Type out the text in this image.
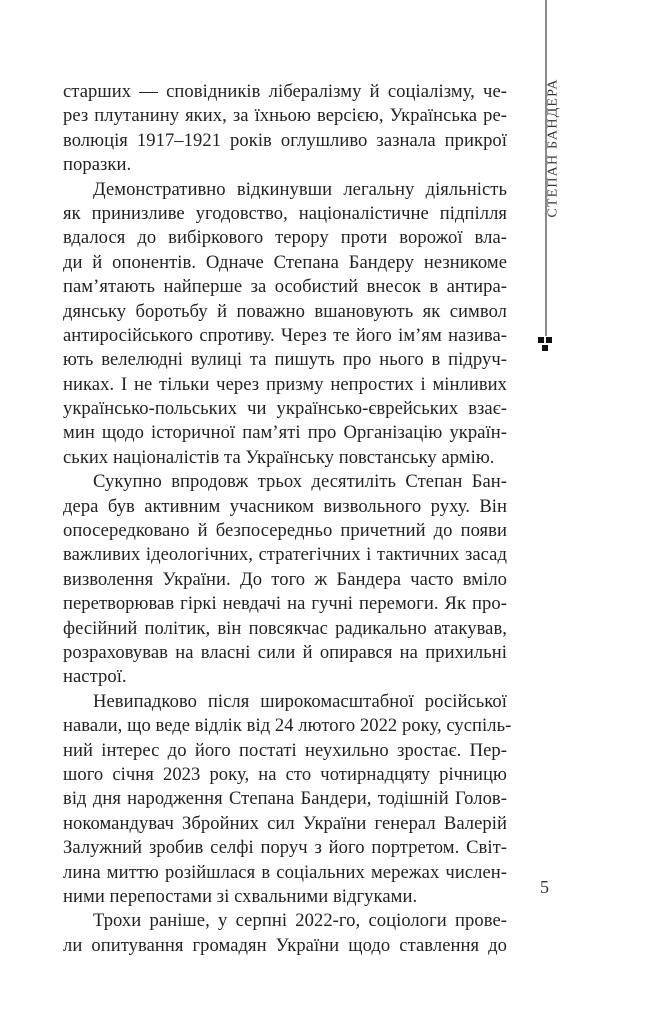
СТЕПАН БАНДЕРА
старших — сповідників лібералізму й соціалізму, че-
рез плутанину яких, за їхньою версією, Українська ре-
волюція 1917–1921 років оглушливо зазнала прикрої
поразки.
Демонстративно відкинувши легальну діяльність
як принизливе угодовство, націоналістичне підпілля
вдалося до вибіркового терору проти ворожої вла-
ди й опонентів. Одначе Степана Бандеру незникоме
пам’ятають найперше за особистий внесок в антира-
дянську боротьбу й поважно вшановують як символ
антиросійського спротиву. Через те його ім’ям назива-
ють велелюдні вулиці та пишуть про нього в підруч-
никах. І не тільки через призму непростих і мінливих
українсько-польських чи українсько-єврейських взає-
мин щодо історичної пам’яті про Організацію україн-
ських націоналістів та Українську повстанську армію.
Сукупно впродовж трьох десятиліть Степан Бан-
дера був активним учасником визвольного руху. Він
опосередковано й безпосередньо причетний до появи
важливих ідеологічних, стратегічних і тактичних засад
визволення України. До того ж Бандера часто вміло
перетворював гіркі невдачі на гучні перемоги. Як про-
фесійний політик, він повсякчас радикально атакував,
розраховував на власні сили й опирався на прихильні
настрої.
Невипадково після широкомасштабної російської
навали, що веде відлік від 24 лютого 2022 року, суспіль-
ний інтерес до його постаті неухильно зростає. Пер-
шого січня 2023 року, на сто чотирнадцяту річницю
від дня народження Степана Бандери, тодішній Голов-
нокомандувач Збройних сил України генерал Валерій
Залужний зробив селфі поруч з його портретом. Світ-
лина миттю розійшлася в соціальних мережах числен-
ними перепостами зі схвальними відгуками.
Трохи раніше, у серпні 2022-го, соціологи прове-
ли опитування громадян України щодо ставлення до
5
